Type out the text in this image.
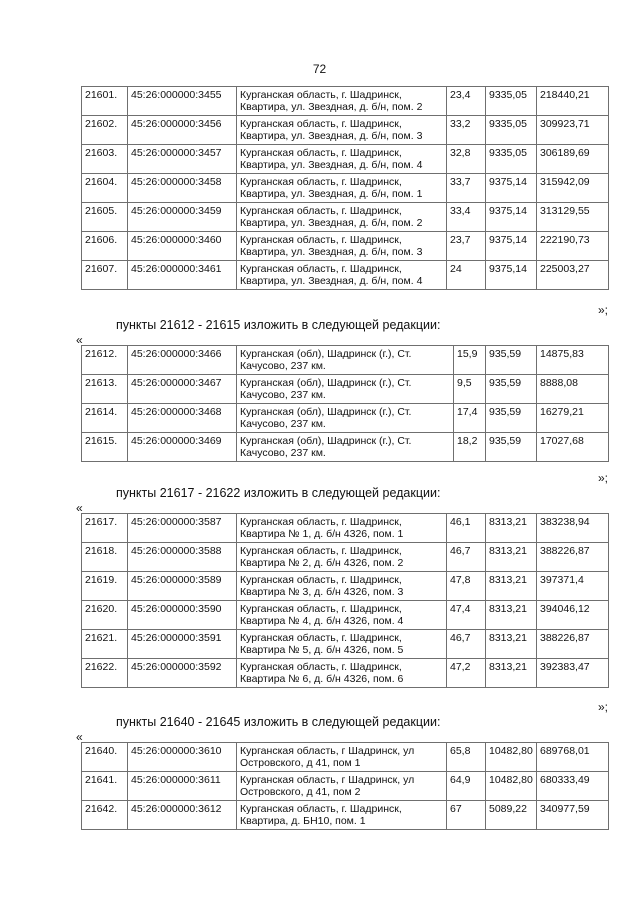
72
21601.	45:26:000000:3455	Курганская область, г. Шадринск, Квартира, ул. Звездная, д. б/н, пом. 2	23,4	9335,05	218440,21
21602.	45:26:000000:3456	Курганская область, г. Шадринск, Квартира, ул. Звездная, д. б/н, пом. 3	33,2	9335,05	309923,71
21603.	45:26:000000:3457	Курганская область, г. Шадринск, Квартира, ул. Звездная, д. б/н, пом. 4	32,8	9335,05	306189,69
21604.	45:26:000000:3458	Курганская область, г. Шадринск, Квартира, ул. Звездная, д. б/н, пом. 1	33,7	9375,14	315942,09
21605.	45:26:000000:3459	Курганская область, г. Шадринск, Квартира, ул. Звездная, д. б/н, пом. 2	33,4	9375,14	313129,55
21606.	45:26:000000:3460	Курганская область, г. Шадринск, Квартира, ул. Звездная, д. б/н, пом. 3	23,7	9375,14	222190,73
21607.	45:26:000000:3461	Курганская область, г. Шадринск, Квартира, ул. Звездная, д. б/н, пом. 4	24	9375,14	225003,27
»;
пункты 21612 - 21615 изложить в следующей редакции:
«
21612.	45:26:000000:3466	Курганская (обл), Шадринск (г.), Ст. Качусово, 237 км.	15,9	935,59	14875,83
21613.	45:26:000000:3467	Курганская (обл), Шадринск (г.), Ст. Качусово, 237 км.	9,5	935,59	8888,08
21614.	45:26:000000:3468	Курганская (обл), Шадринск (г.), Ст. Качусово, 237 км.	17,4	935,59	16279,21
21615.	45:26:000000:3469	Курганская (обл), Шадринск (г.), Ст. Качусово, 237 км.	18,2	935,59	17027,68
»;
пункты 21617 - 21622 изложить в следующей редакции:
«
21617.	45:26:000000:3587	Курганская область, г. Шадринск, Квартира № 1, д. б/н 4326, пом. 1	46,1	8313,21	383238,94
21618.	45:26:000000:3588	Курганская область, г. Шадринск, Квартира № 2, д. б/н 4326, пом. 2	46,7	8313,21	388226,87
21619.	45:26:000000:3589	Курганская область, г. Шадринск, Квартира № 3, д. б/н 4326, пом. 3	47,8	8313,21	397371,4
21620.	45:26:000000:3590	Курганская область, г. Шадринск, Квартира № 4, д. б/н 4326, пом. 4	47,4	8313,21	394046,12
21621.	45:26:000000:3591	Курганская область, г. Шадринск, Квартира № 5, д. б/н 4326, пом. 5	46,7	8313,21	388226,87
21622.	45:26:000000:3592	Курганская область, г. Шадринск, Квартира № 6, д. б/н 4326, пом. 6	47,2	8313,21	392383,47
»;
пункты 21640 - 21645 изложить в следующей редакции:
«
21640.	45:26:000000:3610	Курганская область, г Шадринск, ул Островского, д 41, пом 1	65,8	10482,80	689768,01
21641.	45:26:000000:3611	Курганская область, г Шадринск, ул Островского, д 41, пом 2	64,9	10482,80	680333,49
21642.	45:26:000000:3612	Курганская область, г. Шадринск, Квартира, д. БН10, пом. 1	67	5089,22	340977,59
